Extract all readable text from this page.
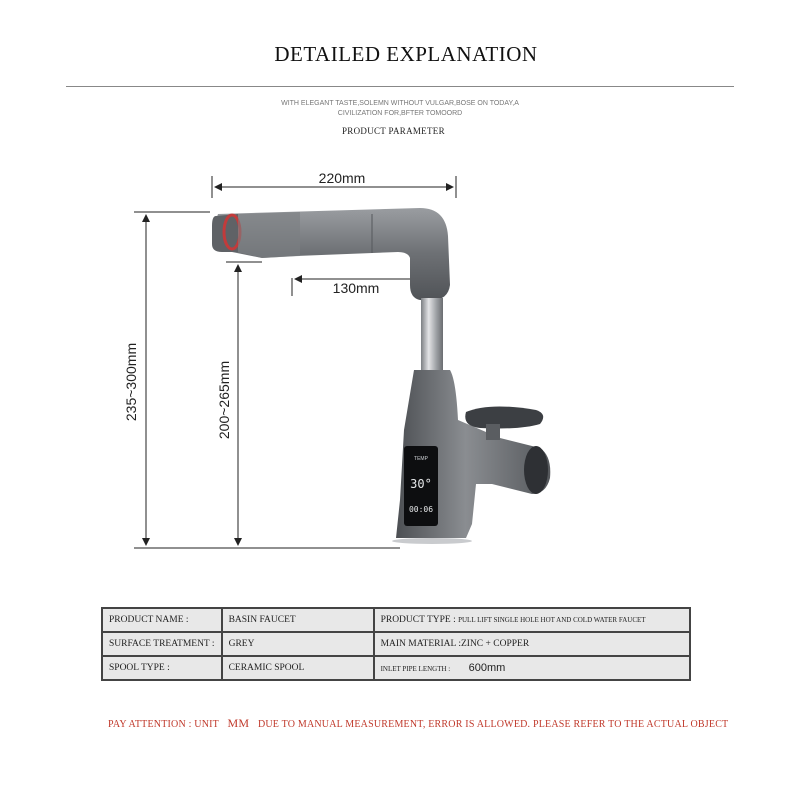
DETAILED EXPLANATION
WITH ELEGANT TASTE,SOLEMN WITHOUT VULGAR,BOSE ON TODAY,A
CIVILIZATION FOR,BFTER TOMOORD
PRODUCT PARAMETER
220mm
130mm
235~300mm	200~265mm
TEMP
30°
00:06
PRODUCT NAME :	BASIN FAUCET	PRODUCT TYPE : PULL LIFT SINGLE HOLE HOT AND COLD WATER FAUCET
SURFACE TREATMENT :	GREY	MAIN MATERIAL :ZINC + COPPER
SPOOL TYPE :	CERAMIC SPOOL	INLET PIPE LENGTH : 600mm
PAY ATTENTION : UNIT MM DUE TO MANUAL MEASUREMENT, ERROR IS ALLOWED. PLEASE REFER TO THE ACTUAL OBJECT
